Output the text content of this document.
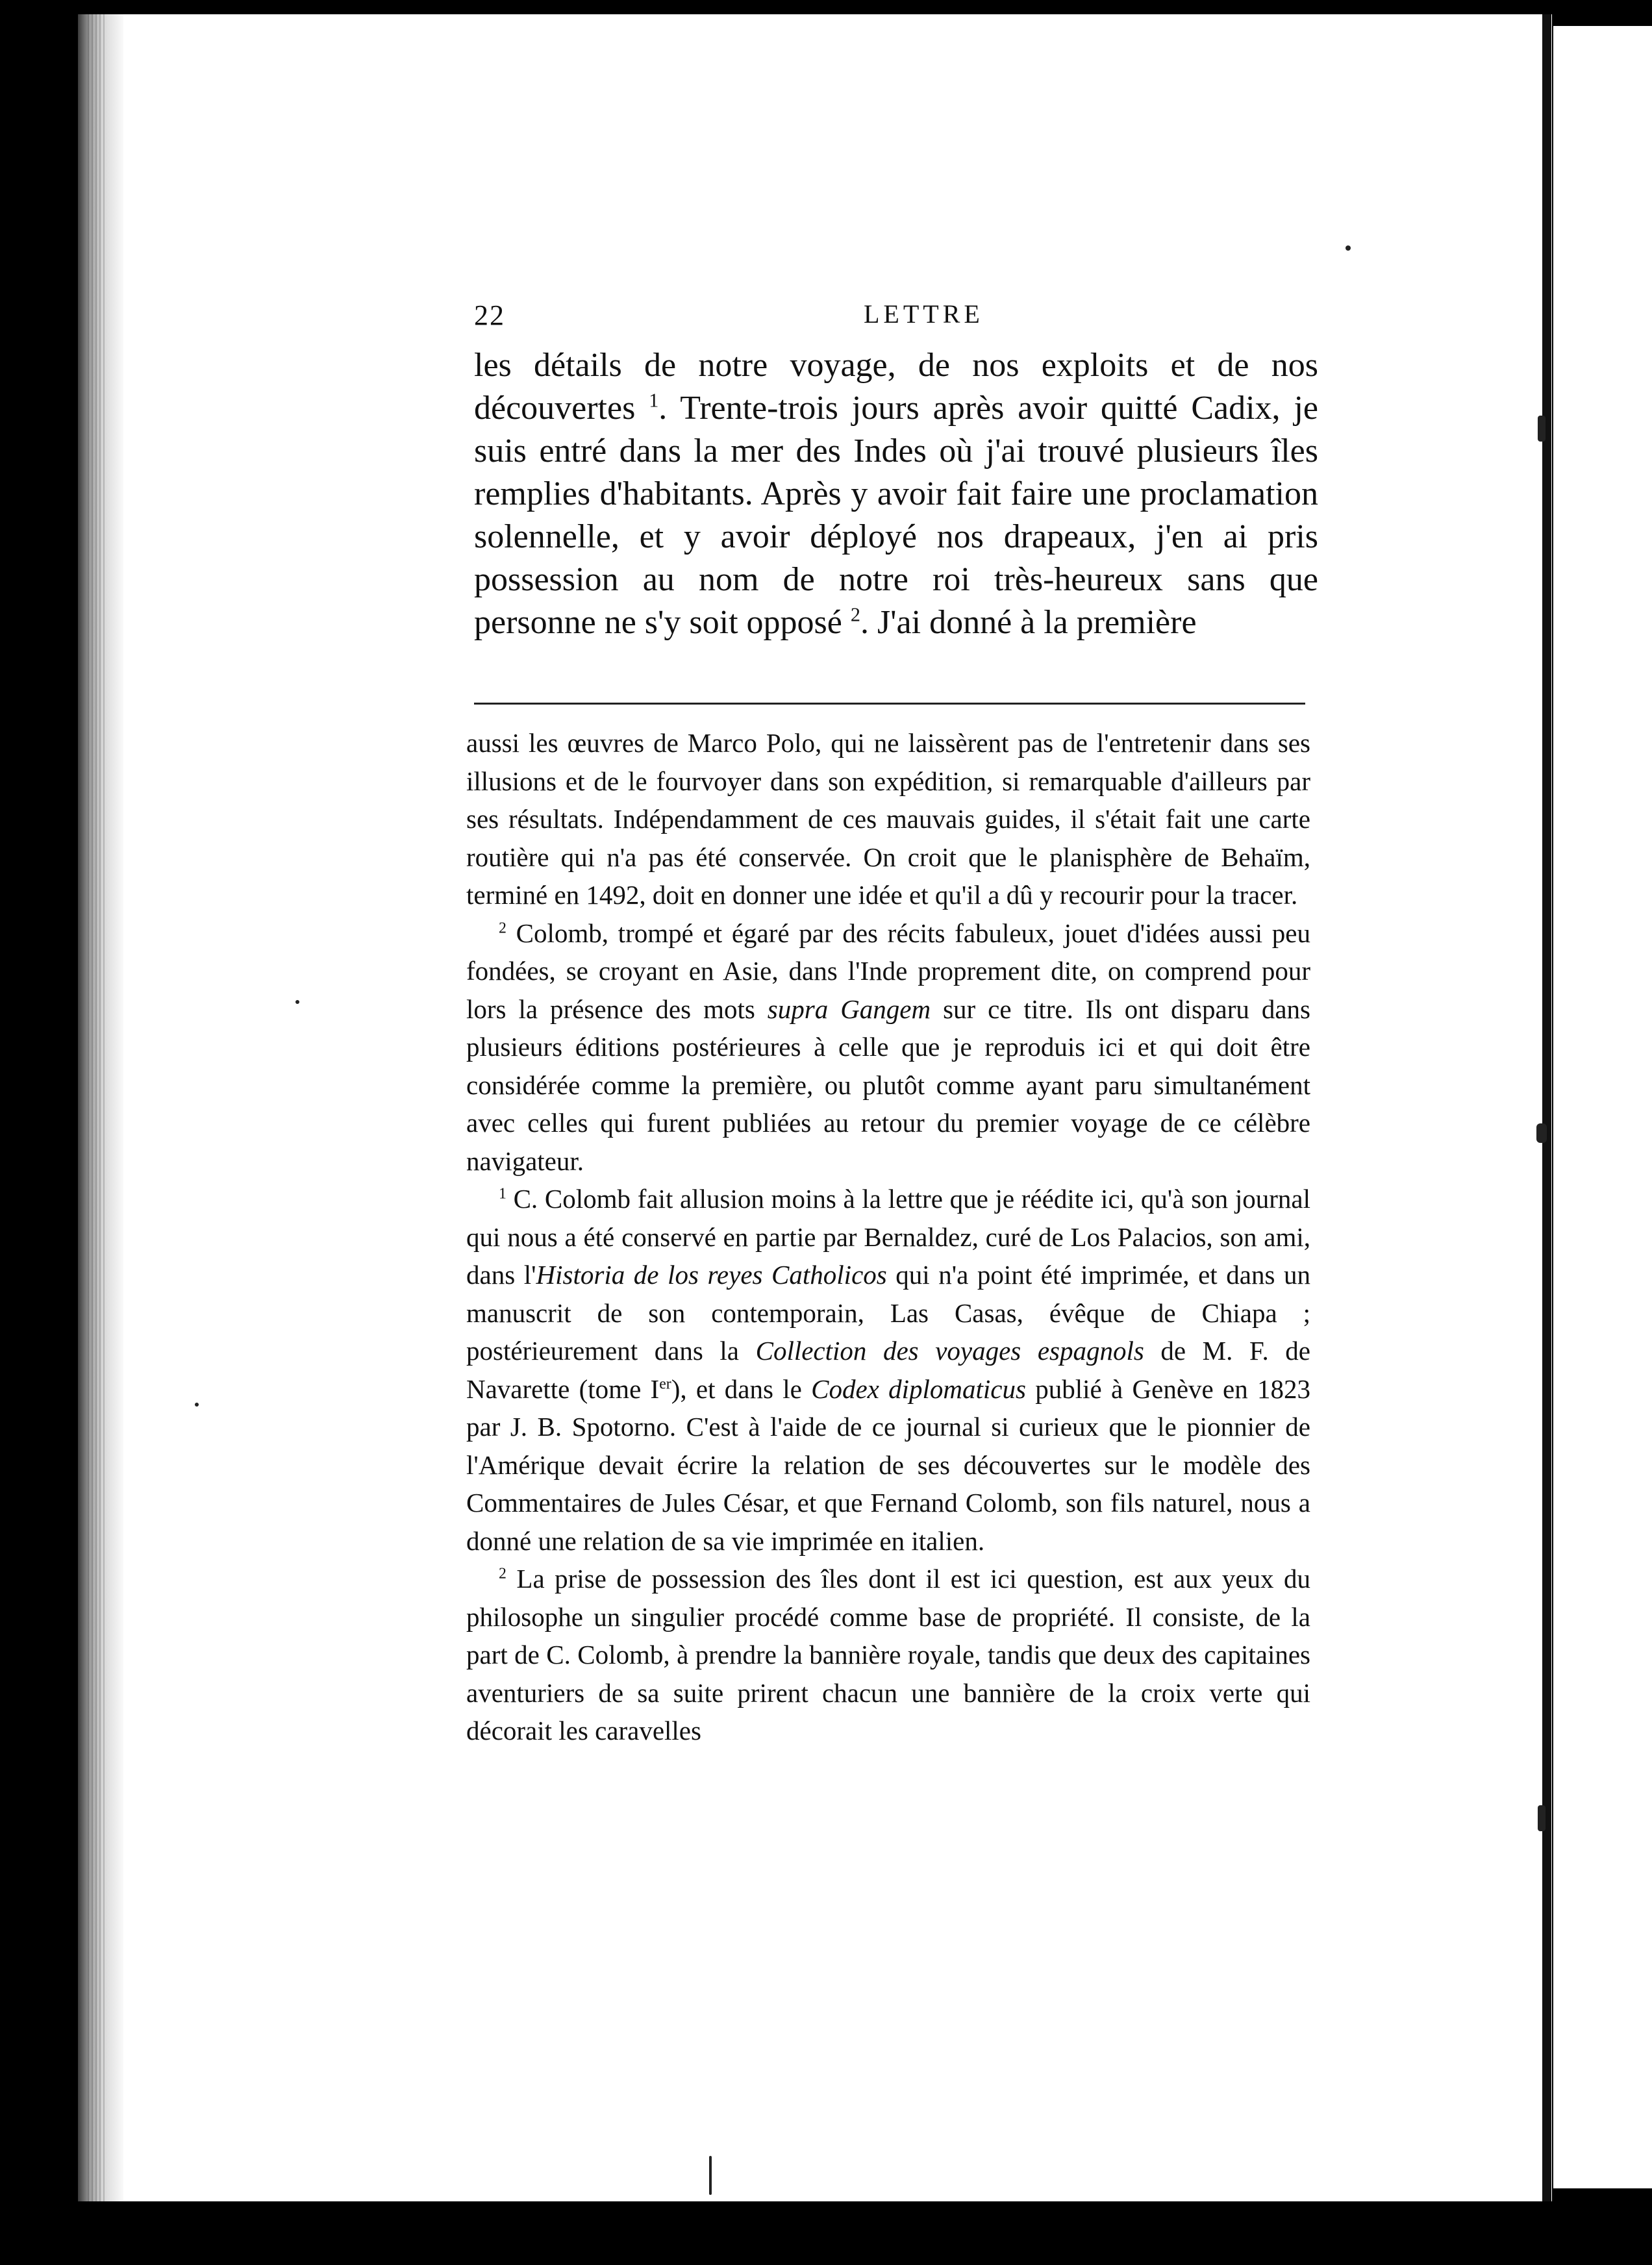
22	LETTRE

les détails de notre voyage, de nos exploits et de nos découvertes $^1$. Trente-trois jours après avoir quitté Cadix, je suis entré dans la mer des Indes où j'ai trouvé plusieurs îles remplies d'habitants. Après y avoir fait faire une proclamation solennelle, et y avoir déployé nos drapeaux, j'en ai pris possession au nom de notre roi très-heureux sans que personne ne s'y soit opposé $^2$. J'ai donné à la première

aussi les œuvres de Marco Polo, qui ne laissèrent pas de l'entretenir dans ses illusions et de le fourvoyer dans son expédition, si remarquable d'ailleurs par ses résultats. Indépendamment de ces mauvais guides, il s'était fait une carte routière qui n'a pas été conservée. On croit que le planisphère de Behaïm, terminé en 1492, doit en donner une idée et qu'il a dû y recourir pour la tracer.

$^2$ Colomb, trompé et égaré par des récits fabuleux, jouet d'idées aussi peu fondées, se croyant en Asie, dans l'Inde proprement dite, on comprend pour lors la présence des mots supra Gangem sur ce titre. Ils ont disparu dans plusieurs éditions postérieures à celle que je reproduis ici et qui doit être considérée comme la première, ou plutôt comme ayant paru simultanément avec celles qui furent publiées au retour du premier voyage de ce célèbre navigateur.

$^1$ C. Colomb fait allusion moins à la lettre que je réédite ici, qu'à son journal qui nous a été conservé en partie par Bernaldez, curé de Los Palacios, son ami, dans l'Historia de los reyes Catholicos qui n'a point été imprimée, et dans un manuscrit de son contemporain, Las Casas, évêque de Chiapa ; postérieurement dans la Collection des voyages espagnols de M. F. de Navarette (tome Ier), et dans le Codex diplomaticus publié à Genève en 1823 par J. B. Spotorno. C'est à l'aide de ce journal si curieux que le pionnier de l'Amérique devait écrire la relation de ses découvertes sur le modèle des Commentaires de Jules César, et que Fernand Colomb, son fils naturel, nous a donné une relation de sa vie imprimée en italien.

$^2$ La prise de possession des îles dont il est ici question, est aux yeux du philosophe un singulier procédé comme base de propriété. Il consiste, de la part de C. Colomb, à prendre la bannière royale, tandis que deux des capitaines aventuriers de sa suite prirent chacun une bannière de la croix verte qui décorait les caravelles
